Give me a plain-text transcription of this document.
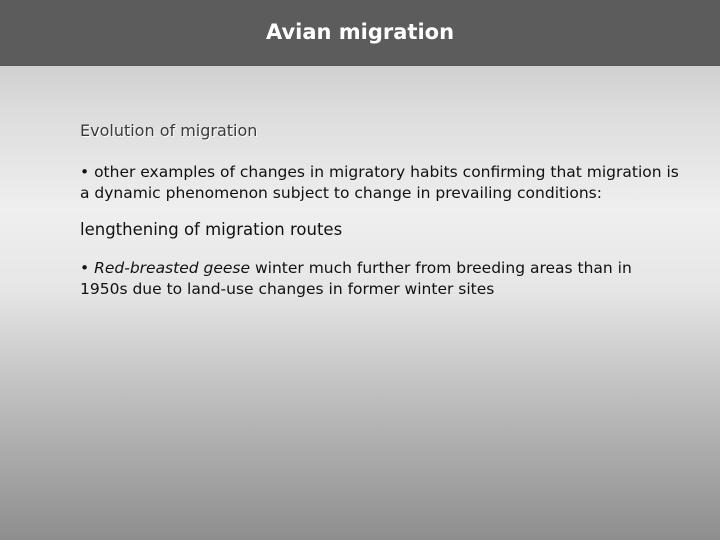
Avian migration
Evolution of migration
• other examples of changes in migratory habits confirming that migration is a dynamic phenomenon subject to change in prevailing conditions:
lengthening of migration routes
• Red-breasted geese winter much further from breeding areas than in 1950s due to land-use changes in former winter sites
